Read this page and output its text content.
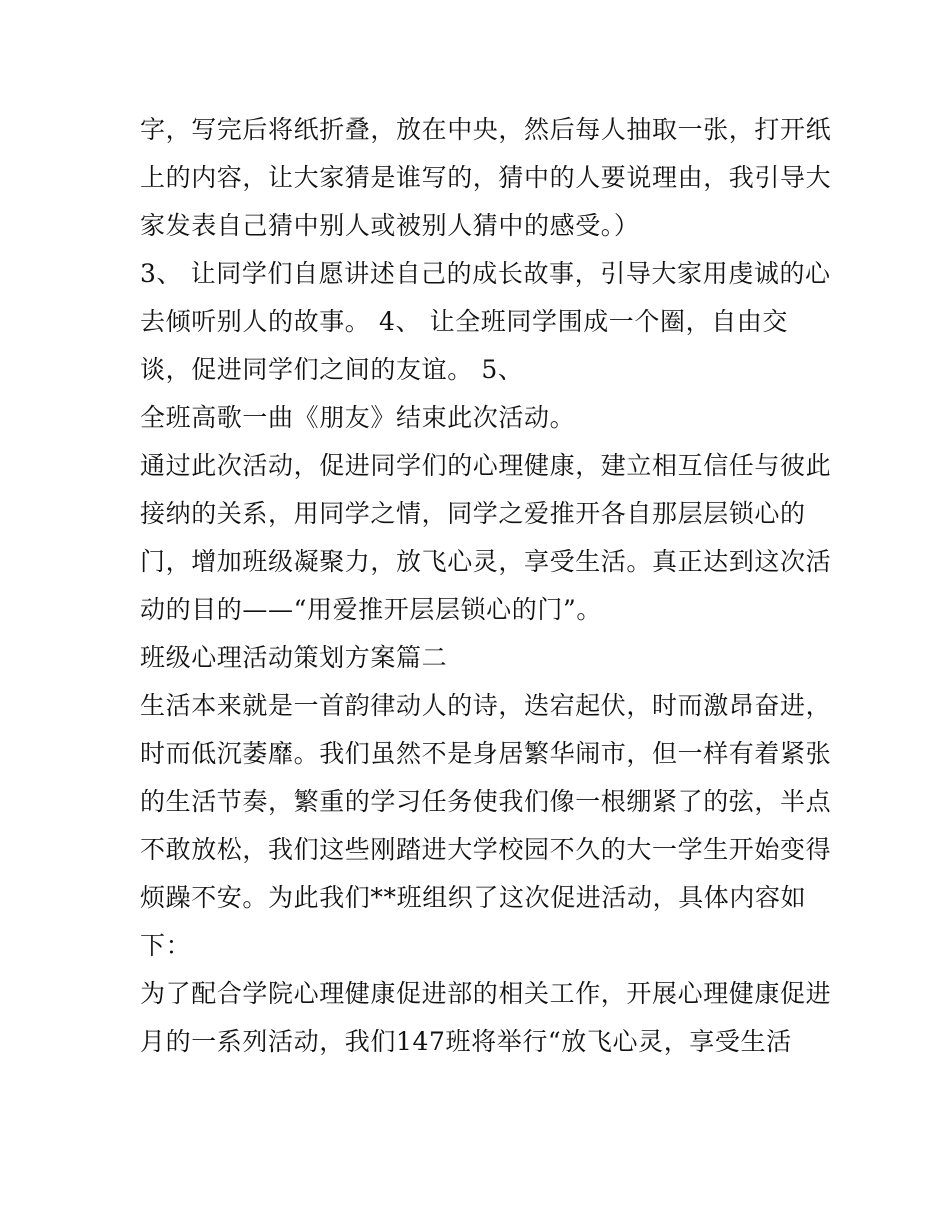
字，写完后将纸折叠，放在中央，然后每人抽取一张，打开纸
上的内容，让大家猜是谁写的，猜中的人要说理由，我引导大
家发表自己猜中别人或被别人猜中的感受。）
3、 让同学们自愿讲述自己的成长故事，引导大家用虔诚的心
去倾听别人的故事。 4、 让全班同学围成一个圈，自由交
谈，促进同学们之间的友谊。 5、
全班高歌一曲《朋友》结束此次活动。
通过此次活动，促进同学们的心理健康，建立相互信任与彼此
接纳的关系，用同学之情，同学之爱推开各自那层层锁心的
门，增加班级凝聚力，放飞心灵，享受生活。真正达到这次活
动的目的——“用爱推开层层锁心的门”。
班级心理活动策划方案篇二
生活本来就是一首韵律动人的诗，迭宕起伏，时而激昂奋进，
时而低沉萎靡。我们虽然不是身居繁华闹市，但一样有着紧张
的生活节奏，繁重的学习任务使我们像一根绷紧了的弦，半点
不敢放松，我们这些刚踏进大学校园不久的大一学生开始变得
烦躁不安。为此我们**班组织了这次促进活动，具体内容如
下：
为了配合学院心理健康促进部的相关工作，开展心理健康促进
月的一系列活动，我们147班将举行“放飞心灵，享受生活
